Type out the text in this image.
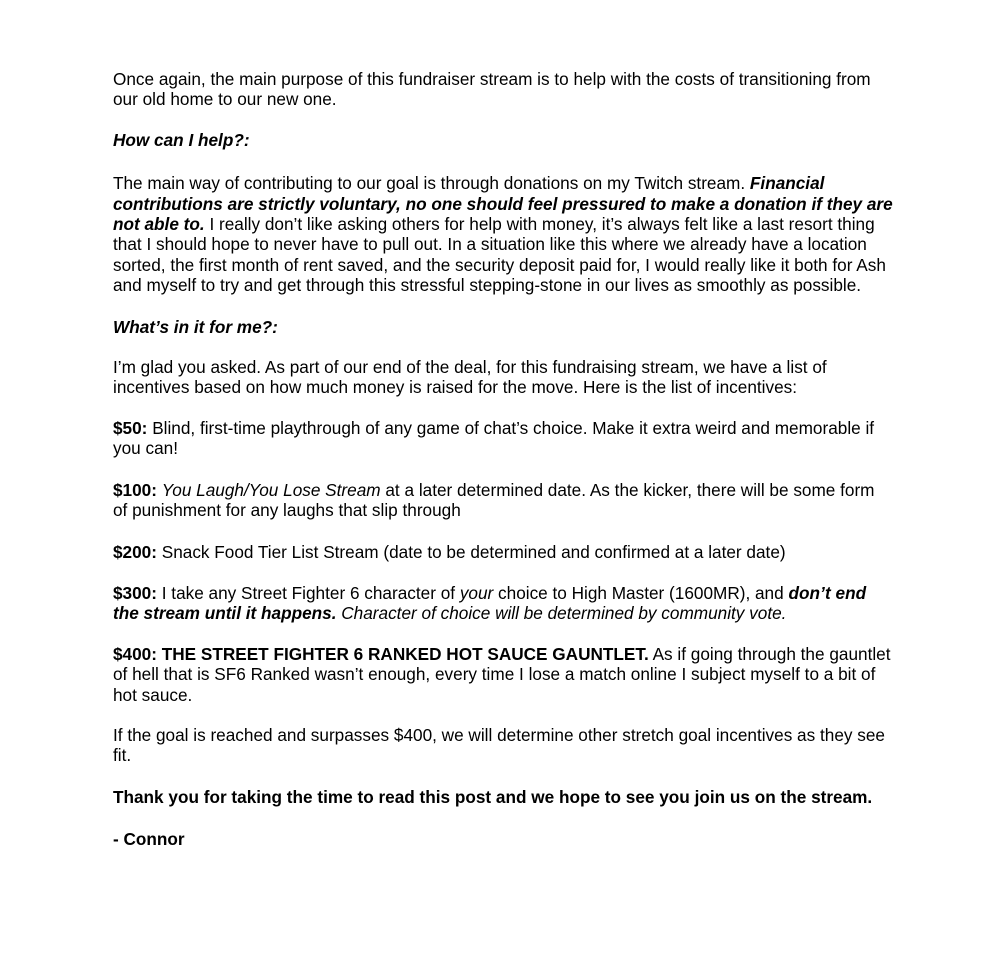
Once again, the main purpose of this fundraiser stream is to help with the costs of transitioning from our old home to our new one.

How can I help?:

The main way of contributing to our goal is through donations on my Twitch stream. Financial contributions are strictly voluntary, no one should feel pressured to make a donation if they are not able to. I really don’t like asking others for help with money, it’s always felt like a last resort thing that I should hope to never have to pull out. In a situation like this where we already have a location sorted, the first month of rent saved, and the security deposit paid for, I would really like it both for Ash and myself to try and get through this stressful stepping-stone in our lives as smoothly as possible.

What’s in it for me?:

I’m glad you asked. As part of our end of the deal, for this fundraising stream, we have a list of incentives based on how much money is raised for the move. Here is the list of incentives:

$50: Blind, first-time playthrough of any game of chat’s choice. Make it extra weird and memorable if you can!

$100: You Laugh/You Lose Stream at a later determined date. As the kicker, there will be some form of punishment for any laughs that slip through

$200: Snack Food Tier List Stream (date to be determined and confirmed at a later date)

$300: I take any Street Fighter 6 character of your choice to High Master (1600MR), and don’t end the stream until it happens. Character of choice will be determined by community vote.

$400: THE STREET FIGHTER 6 RANKED HOT SAUCE GAUNTLET. As if going through the gauntlet of hell that is SF6 Ranked wasn’t enough, every time I lose a match online I subject myself to a bit of hot sauce.

If the goal is reached and surpasses $400, we will determine other stretch goal incentives as they see fit.

Thank you for taking the time to read this post and we hope to see you join us on the stream.

- Connor
